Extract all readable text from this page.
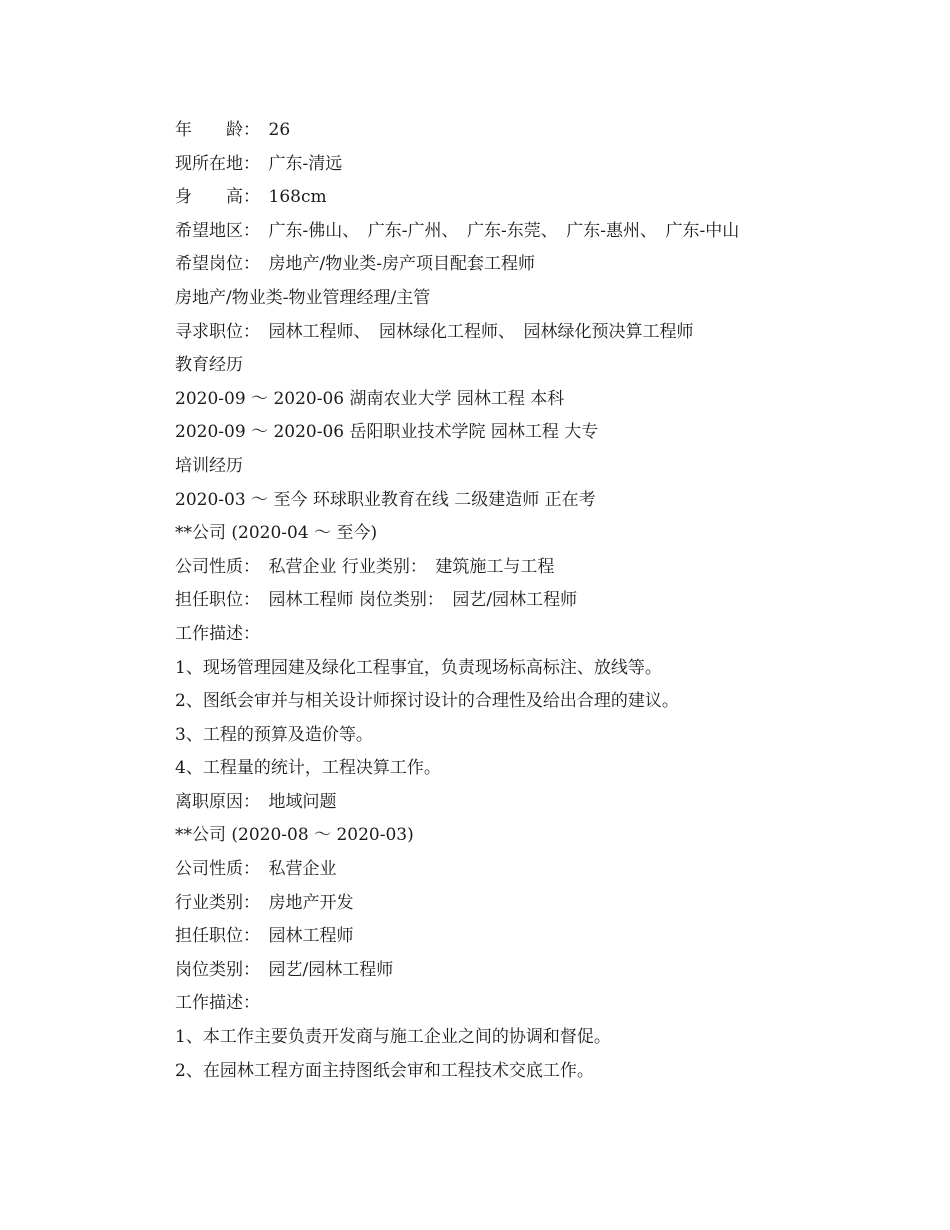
年　　龄：　26
现所在地：　广东-清远
身　　高：　168cm
希望地区：　广东-佛山、　广东-广州、　广东-东莞、　广东-惠州、　广东-中山
希望岗位：　房地产/物业类-房产项目配套工程师
房地产/物业类-物业管理经理/主管
寻求职位：　园林工程师、　园林绿化工程师、　园林绿化预决算工程师
教育经历
2020-09 ～ 2020-06 湖南农业大学 园林工程 本科
2020-09 ～ 2020-06 岳阳职业技术学院 园林工程 大专
培训经历
2020-03 ～ 至今 环球职业教育在线 二级建造师 正在考
**公司 (2020-04 ～ 至今)
公司性质：　私营企业 行业类别：　建筑施工与工程
担任职位：　园林工程师 岗位类别：　园艺/园林工程师
工作描述：
1、现场管理园建及绿化工程事宜，负责现场标高标注、放线等。
2、图纸会审并与相关设计师探讨设计的合理性及给出合理的建议。
3、工程的预算及造价等。
4、工程量的统计，工程决算工作。
离职原因：　地域问题
**公司 (2020-08 ～ 2020-03)
公司性质：　私营企业
行业类别：　房地产开发
担任职位：　园林工程师
岗位类别：　园艺/园林工程师
工作描述：
1、本工作主要负责开发商与施工企业之间的协调和督促。
2、在园林工程方面主持图纸会审和工程技术交底工作。
